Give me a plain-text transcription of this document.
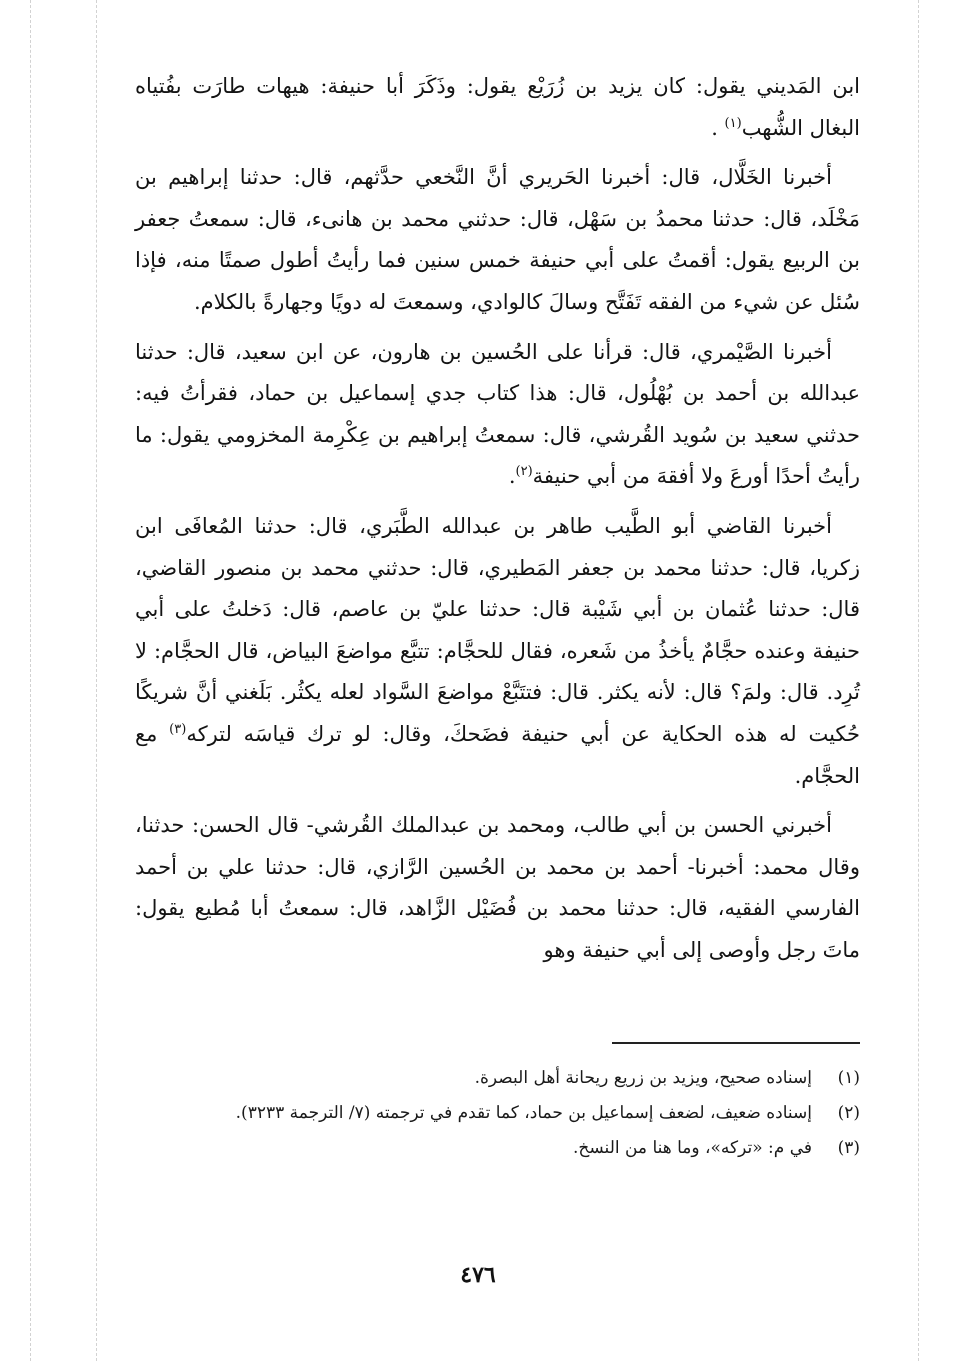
ابن المَديني يقول: كان يزيد بن زُرَيْع يقول: وذَكَرَ أبا حنيفة: هيهات طارَت بفُتياه البغال الشُّهب$^{(١)}$ .

أخبرنا الخَلَّال، قال: أخبرنا الحَريري أنَّ النَّخعي حدَّثهم، قال: حدثنا إبراهيم بن مَخْلَد، قال: حدثنا محمدُ بن سَهْل، قال: حدثني محمد بن هانىء، قال: سمعتُ جعفر بن الربيع يقول: أقمتُ على أبي حنيفة خمس سنين فما رأيتُ أطول صمتًا منه، فإذا سُئل عن شيء من الفقه تَفَتَّح وسالَ كالوادي، وسمعتَ له دويًا وجهارةً بالكلام.

أخبرنا الصَّيْمري، قال: قرأنا على الحُسين بن هارون، عن ابن سعيد، قال: حدثنا عبدالله بن أحمد بن بُهْلُول، قال: هذا كتاب جدي إسماعيل بن حماد، فقرأتُ فيه: حدثني سعيد بن سُويد القُرشي، قال: سمعتُ إبراهيم بن عِكْرِمة المخزومي يقول: ما رأيتُ أحدًا أورعَ ولا أفقهَ من أبي حنيفة$^{(٢)}$.

أخبرنا القاضي أبو الطَّيب طاهر بن عبدالله الطَّبَري، قال: حدثنا المُعافَى ابن زكريا، قال: حدثنا محمد بن جعفر المَطيري، قال: حدثني محمد بن منصور القاضي، قال: حدثنا عُثمان بن أبي شَيْبة قال: حدثنا عليّ بن عاصم، قال: دَخلتُ على أبي حنيفة وعنده حجَّامٌ يأخذُ من شَعره، فقال للحجَّام: تتبَّع مواضعَ البياض، قال الحجَّام: لا تُرِد. قال: ولمَ؟ قال: لأنه يكثر. قال: فتتَبَّعْ مواضعَ السَّواد لعله يكثُر. بَلَغني أنَّ شريكًا حُكيت له هذه الحكاية عن أبي حنيفة فضَحكَ، وقال: لو ترك قياسَه لتركه$^{(٣)}$ مع الحجَّام.

أخبرني الحسن بن أبي طالب، ومحمد بن عبدالملك القُرشي- قال الحسن: حدثنا، وقال محمد: أخبرنا- أحمد بن محمد بن الحُسين الرَّازي، قال: حدثنا علي بن أحمد الفارسي الفقيه، قال: حدثنا محمد بن فُضَيْل الزَّاهد، قال: سمعتُ أبا مُطيع يقول: ماتَ رجل وأوصى إلى أبي حنيفة وهو

(١)
إسناده صحيح، ويزيد بن زريع ريحانة أهل البصرة.
(٢)
إسناده ضعيف، لضعف إسماعيل بن حماد، كما تقدم في ترجمته (٧/ الترجمة ٣٢٣٣).
(٣)
في م: «تركه»، وما هنا من النسخ.
٤٧٦
